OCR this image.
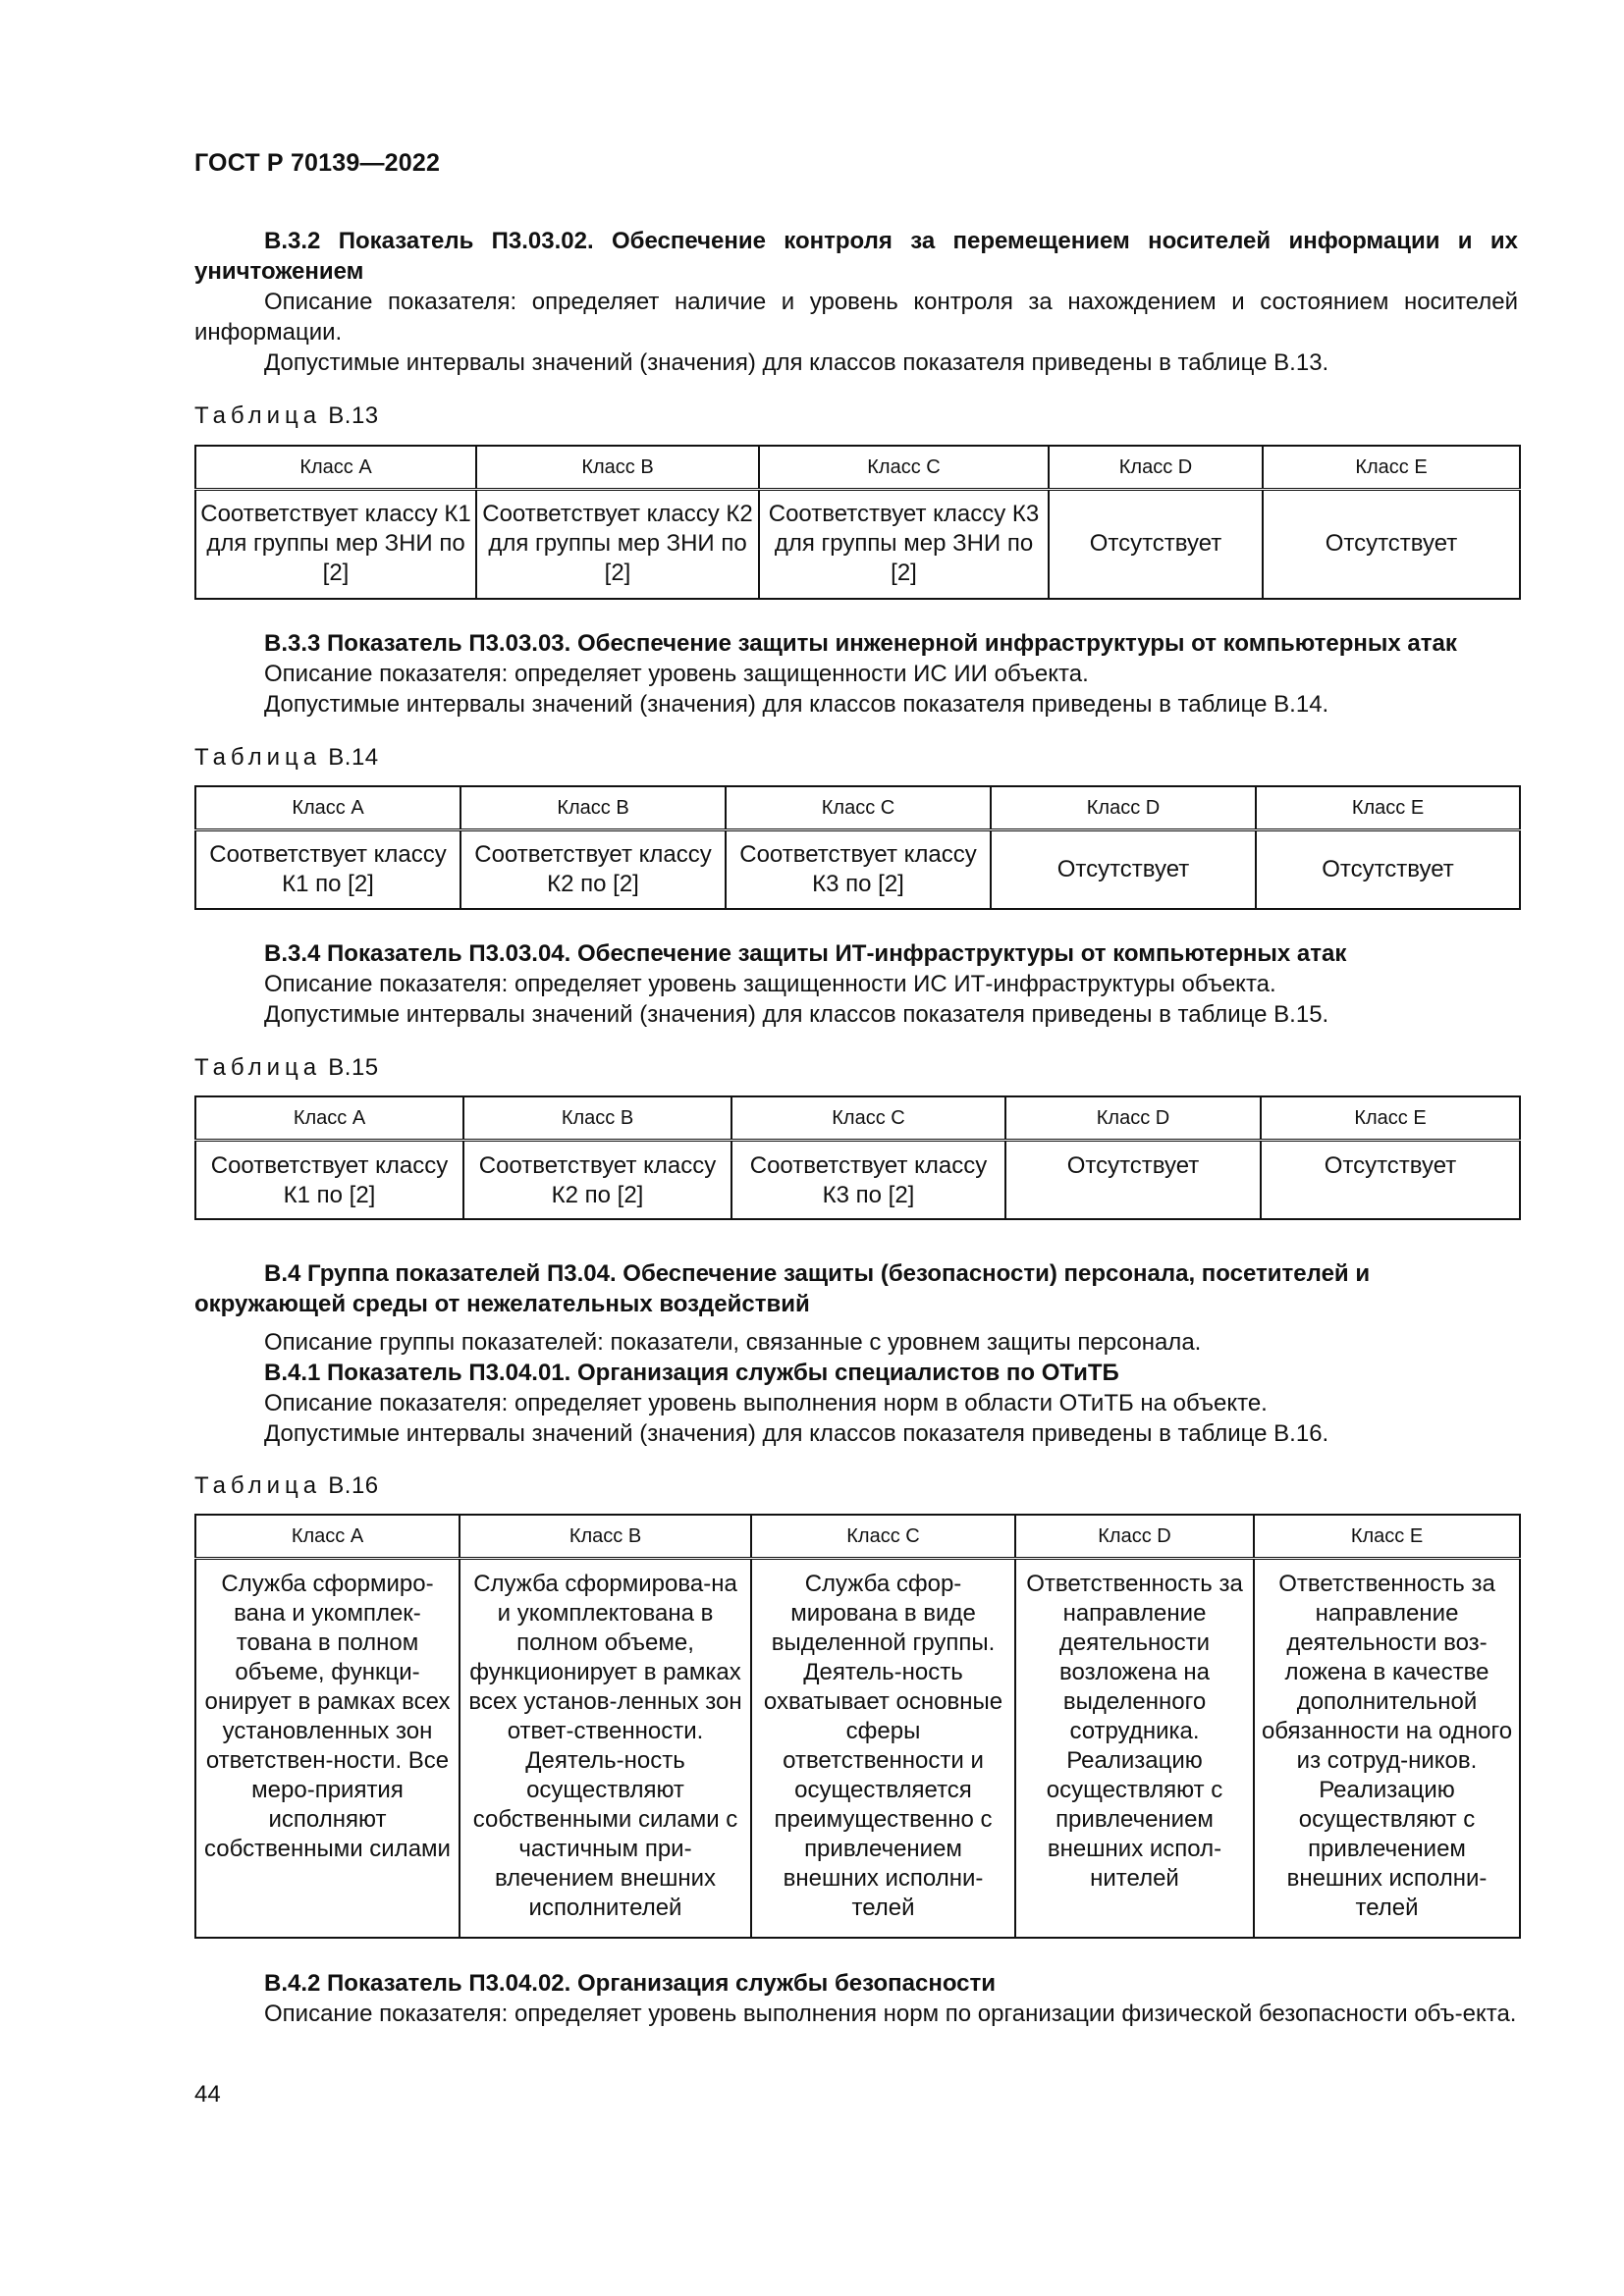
ГОСТ Р 70139—2022
В.3.2 Показатель П3.03.02. Обеспечение контроля за перемещением носителей информации и их уничтожением
Описание показателя: определяет наличие и уровень контроля за нахождением и состоянием носителей информации.
Допустимые интервалы значений (значения) для классов показателя приведены в таблице В.13.
Таблица В.13
Класс A	Класс B	Класс C	Класс D	Класс E
Соответствует классу К1 для группы мер ЗНИ по [2]	Соответствует классу К2 для группы мер ЗНИ по [2]	Соответствует классу К3 для группы мер ЗНИ по [2]	Отсутствует	Отсутствует
В.3.3 Показатель П3.03.03. Обеспечение защиты инженерной инфраструктуры от компьютерных атак
Описание показателя: определяет уровень защищенности ИС ИИ объекта.
Допустимые интервалы значений (значения) для классов показателя приведены в таблице В.14.
Таблица В.14
Класс A	Класс B	Класс C	Класс D	Класс E
Соответствует классу К1 по [2]	Соответствует классу К2 по [2]	Соответствует классу К3 по [2]	Отсутствует	Отсутствует
В.3.4 Показатель П3.03.04. Обеспечение защиты ИТ-инфраструктуры от компьютерных атак
Описание показателя: определяет уровень защищенности ИС ИТ-инфраструктуры объекта.
Допустимые интервалы значений (значения) для классов показателя приведены в таблице В.15.
Таблица В.15
Класс A	Класс B	Класс C	Класс D	Класс E
Соответствует классу К1 по [2]	Соответствует классу К2 по [2]	Соответствует классу К3 по [2]	Отсутствует	Отсутствует
В.4 Группа показателей П3.04. Обеспечение защиты (безопасности) персонала, посетителей и окружающей среды от нежелательных воздействий
Описание группы показателей: показатели, связанные с уровнем защиты персонала.
В.4.1 Показатель П3.04.01. Организация службы специалистов по ОТиТБ
Описание показателя: определяет уровень выполнения норм в области ОТиТБ на объекте.
Допустимые интервалы значений (значения) для классов показателя приведены в таблице В.16.
Таблица В.16
Класс A	Класс B	Класс C	Класс D	Класс E
Служба сформиро-вана и укомплек-тована в полном объеме, функци-онирует в рамках всех установленных зон ответствен-ности. Все меро-приятия исполняют собственными силами	Служба сформирова-на и укомплектована в полном объеме, функционирует в рамках всех установ-ленных зон ответ-ственности. Деятель-ность осуществляют собственными силами с частичным при-влечением внешних исполнителей	Служба сфор-мирована в виде выделенной группы. Деятель-ность охватывает основные сферы ответственности и осуществляется преимущественно с привлечением внешних исполни-телей	Ответственность за направление деятельности возложена на выделенного сотрудника. Реализацию осуществляют с привлечением внешних испол-нителей	Ответственность за направление деятельности воз-ложена в качестве дополнительной обязанности на одного из сотруд-ников. Реализацию осуществляют с привлечением внешних исполни-телей
В.4.2 Показатель П3.04.02. Организация службы безопасности
Описание показателя: определяет уровень выполнения норм по организации физической безопасности объ-екта.
44
